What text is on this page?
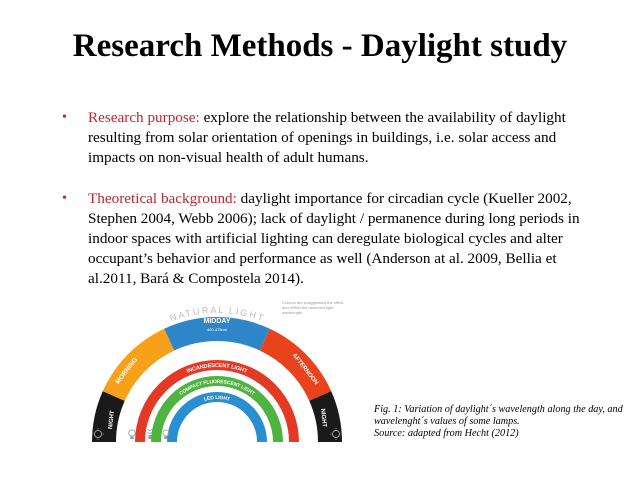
Research Methods - Daylight study
• Research purpose: explore the relationship between the availability of daylight resulting from solar orientation of openings in buildings, i.e. solar access and impacts on non-visual health of adult humans.
• Theoretical background: daylight importance for circadian cycle (Kueller 2002, Stephen 2004, Webb 2006); lack of daylight / permanence during long periods in indoor spaces with artificial lighting can deregulate biological cycles and alter occupant’s behavior and performance as well (Anderson at al. 2009, Bellia et al.2011, Bará & Compostela 2014).
NATURAL LIGHT
MIDDAY
400-475nm
MORNING	AFTERNOON
NIGHT	NIGHT
INCANDESCENT LIGHT
COMPACT FLUORESCENT LIGHT
LED LIGHT
Colours are exaggerated the effect and reflect the dominant light wavelength
Fig. 1: Variation of daylight´s wavelength along the day, and wavelenght´s values of some lamps.
Source: adapted from Hecht (2012)
